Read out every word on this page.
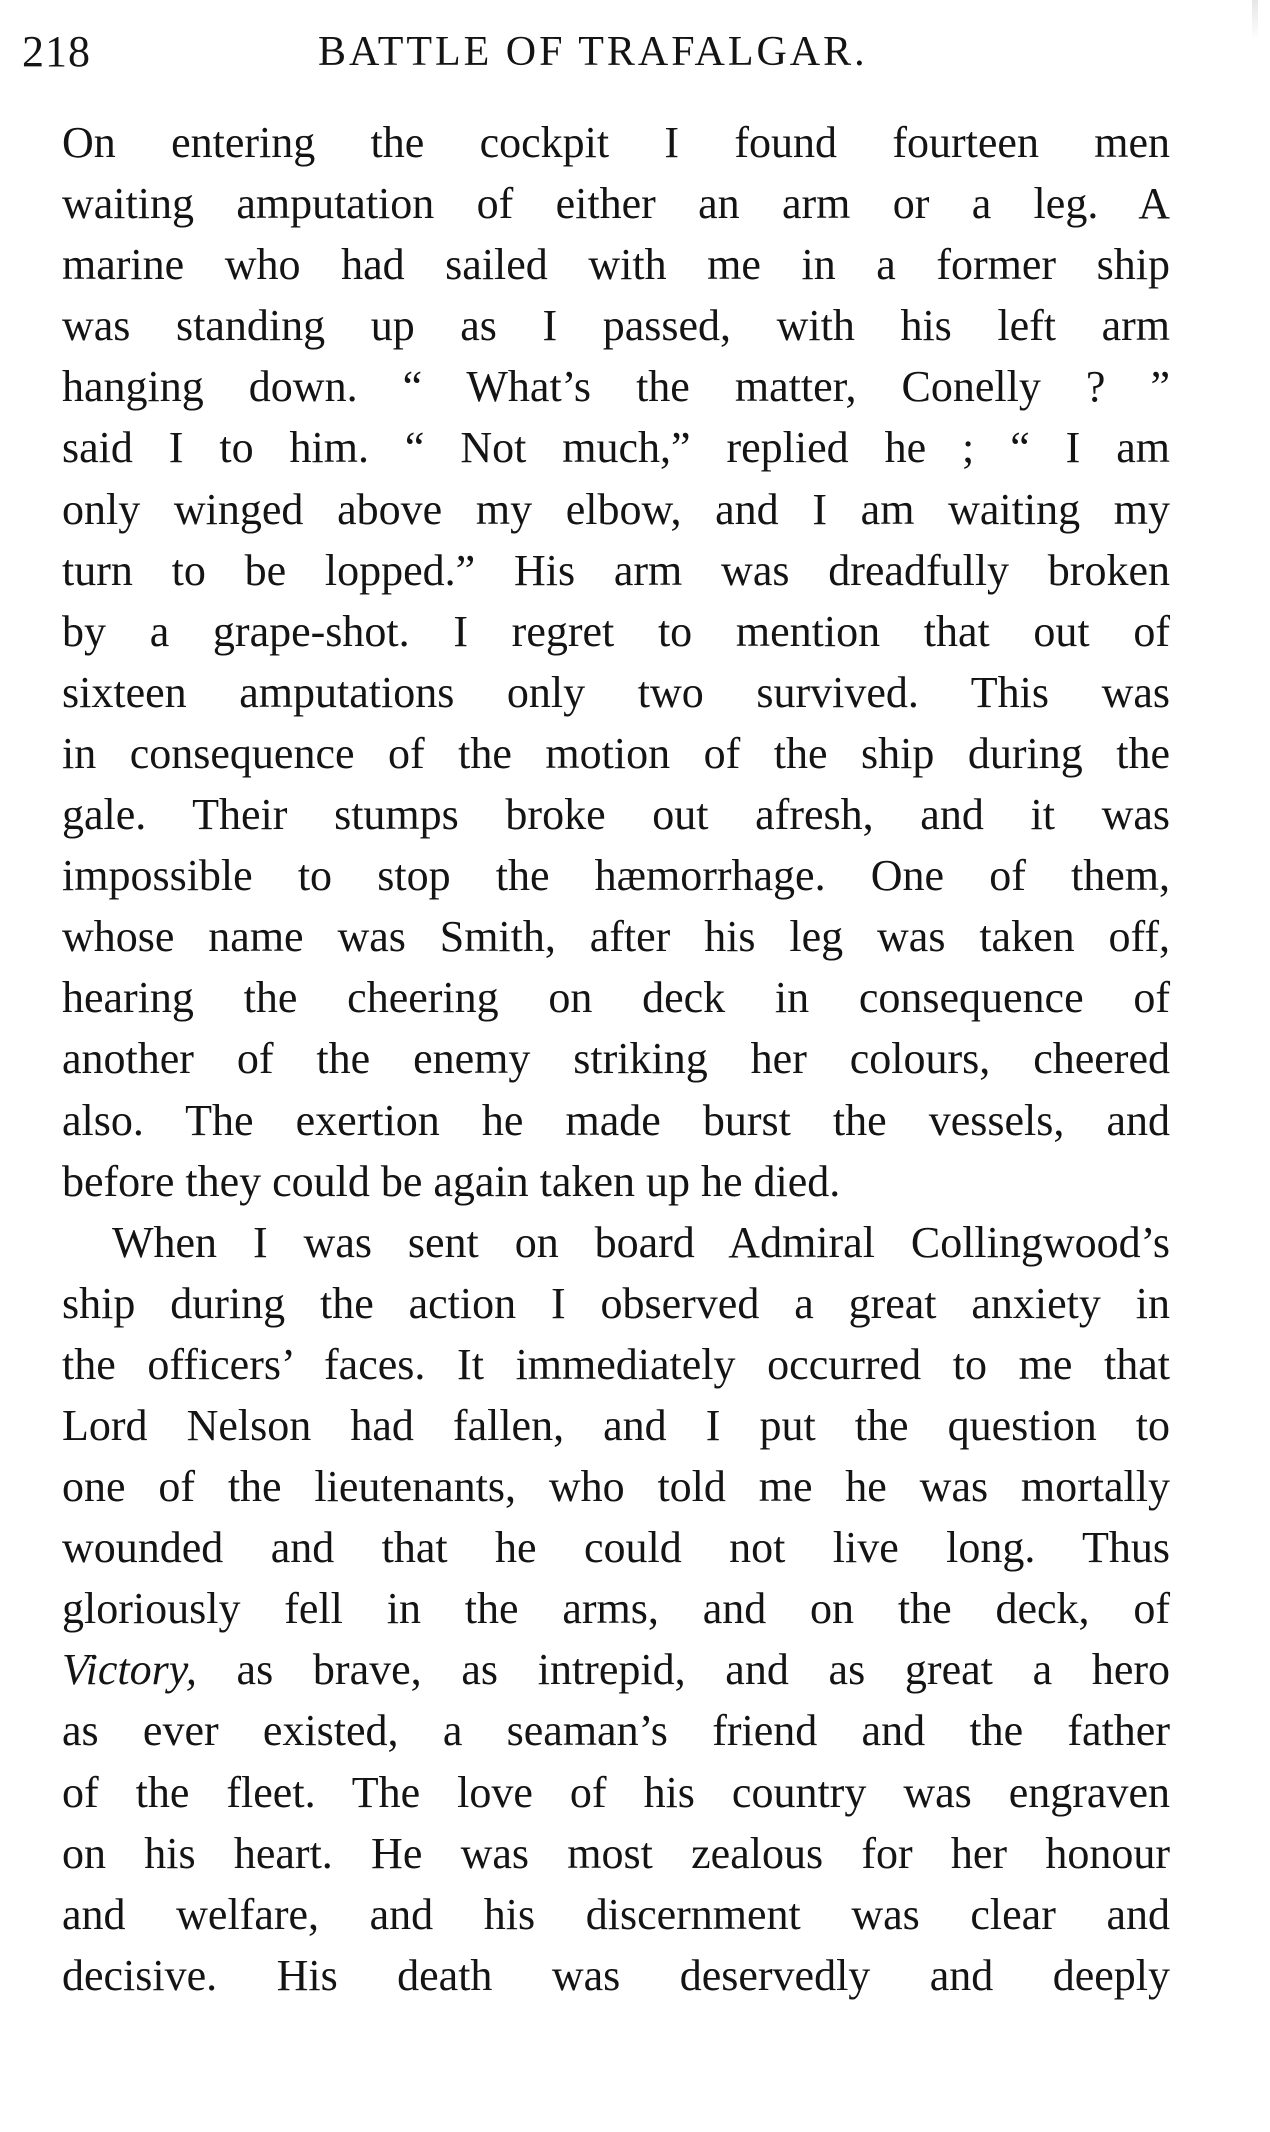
218	BATTLE OF TRAFALGAR.
On entering the cockpit I found fourteen men
waiting amputation of either an arm or a leg. A
marine who had sailed with me in a former ship
was standing up as I passed, with his left arm
hanging down. “ What’s the matter, Conelly ? ”
said I to him. “ Not much,” replied he ; “ I am
only winged above my elbow, and I am waiting my
turn to be lopped.” His arm was dreadfully broken
by a grape-shot. I regret to mention that out of
sixteen amputations only two survived. This was
in consequence of the motion of the ship during the
gale. Their stumps broke out afresh, and it was
impossible to stop the hæmorrhage. One of them,
whose name was Smith, after his leg was taken off,
hearing the cheering on deck in consequence of
another of the enemy striking her colours, cheered
also. The exertion he made burst the vessels, and
before they could be again taken up he died.
When I was sent on board Admiral Collingwood’s
ship during the action I observed a great anxiety in
the officers’ faces. It immediately occurred to me that
Lord Nelson had fallen, and I put the question to
one of the lieutenants, who told me he was mortally
wounded and that he could not live long. Thus
gloriously fell in the arms, and on the deck, of
Victory, as brave, as intrepid, and as great a hero
as ever existed, a seaman’s friend and the father
of the fleet. The love of his country was engraven
on his heart. He was most zealous for her honour
and welfare, and his discernment was clear and
decisive. His death was deservedly and deeply
